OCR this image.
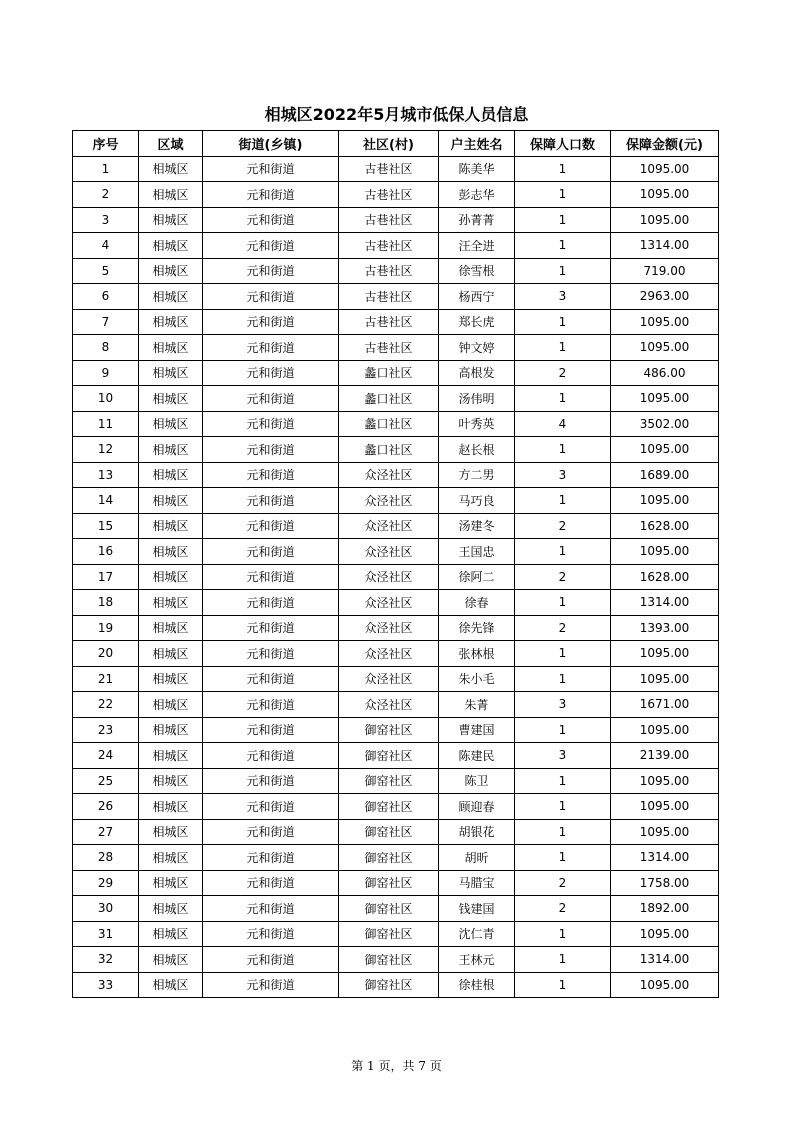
相城区2022年5月城市低保人员信息
序号	区域	街道(乡镇)	社区(村)	户主姓名	保障人口数	保障金额(元)
1	相城区	元和街道	古巷社区	陈美华	1	1095.00
2	相城区	元和街道	古巷社区	彭志华	1	1095.00
3	相城区	元和街道	古巷社区	孙菁菁	1	1095.00
4	相城区	元和街道	古巷社区	汪全进	1	1314.00
5	相城区	元和街道	古巷社区	徐雪根	1	719.00
6	相城区	元和街道	古巷社区	杨西宁	3	2963.00
7	相城区	元和街道	古巷社区	郑长虎	1	1095.00
8	相城区	元和街道	古巷社区	钟文婷	1	1095.00
9	相城区	元和街道	蠡口社区	高根发	2	486.00
10	相城区	元和街道	蠡口社区	汤伟明	1	1095.00
11	相城区	元和街道	蠡口社区	叶秀英	4	3502.00
12	相城区	元和街道	蠡口社区	赵长根	1	1095.00
13	相城区	元和街道	众泾社区	方二男	3	1689.00
14	相城区	元和街道	众泾社区	马巧良	1	1095.00
15	相城区	元和街道	众泾社区	汤建冬	2	1628.00
16	相城区	元和街道	众泾社区	王国忠	1	1095.00
17	相城区	元和街道	众泾社区	徐阿二	2	1628.00
18	相城区	元和街道	众泾社区	徐春	1	1314.00
19	相城区	元和街道	众泾社区	徐先锋	2	1393.00
20	相城区	元和街道	众泾社区	张林根	1	1095.00
21	相城区	元和街道	众泾社区	朱小毛	1	1095.00
22	相城区	元和街道	众泾社区	朱菁	3	1671.00
23	相城区	元和街道	御窑社区	曹建国	1	1095.00
24	相城区	元和街道	御窑社区	陈建民	3	2139.00
25	相城区	元和街道	御窑社区	陈卫	1	1095.00
26	相城区	元和街道	御窑社区	顾迎春	1	1095.00
27	相城区	元和街道	御窑社区	胡银花	1	1095.00
28	相城区	元和街道	御窑社区	胡昕	1	1314.00
29	相城区	元和街道	御窑社区	马腊宝	2	1758.00
30	相城区	元和街道	御窑社区	钱建国	2	1892.00
31	相城区	元和街道	御窑社区	沈仁青	1	1095.00
32	相城区	元和街道	御窑社区	王林元	1	1314.00
33	相城区	元和街道	御窑社区	徐桂根	1	1095.00
第 1 页，共 7 页
